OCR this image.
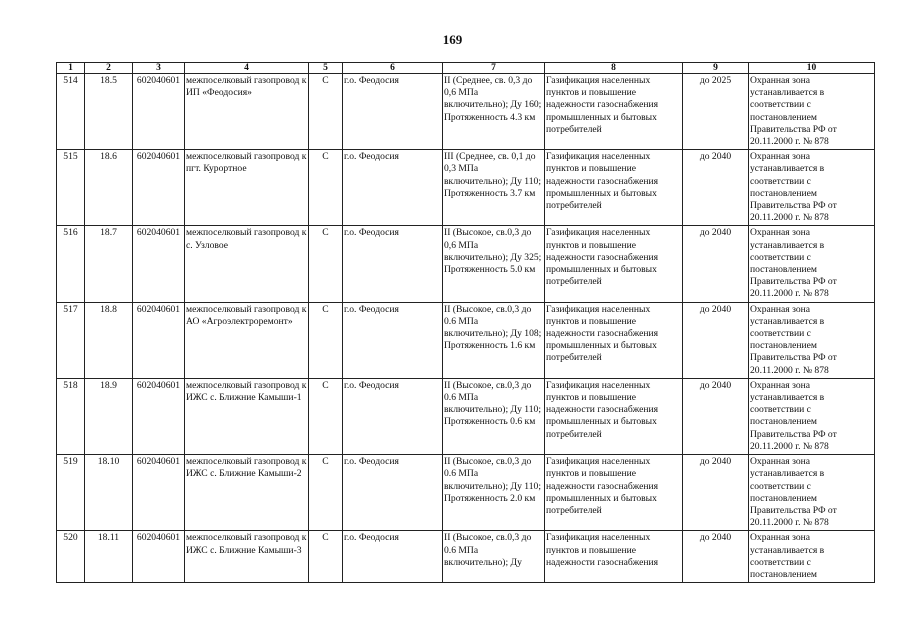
169
1	2	3	4	5	6	7	8	9	10
514	18.5	602040601	межпоселковый газопровод к ИП «Феодосия»	С	г.о. Феодосия	II (Среднее, св. 0,3 до 0,6 МПа включительно); Ду 160; Протяженность 4.3 км	Газификация населенных пунктов и повышение надежности газоснабжения промышленных и бытовых потребителей	до 2025	Охранная зона устанавливается в соответствии с постановлением Правительства РФ от 20.11.2000 г. № 878
515	18.6	602040601	межпоселковый газопровод к пгт. Курортное	С	г.о. Феодосия	III (Среднее, св. 0,1 до 0,3 МПа включительно); Ду 110; Протяженность 3.7 км	Газификация населенных пунктов и повышение надежности газоснабжения промышленных и бытовых потребителей	до 2040	Охранная зона устанавливается в соответствии с постановлением Правительства РФ от 20.11.2000 г. № 878
516	18.7	602040601	межпоселковый газопровод к с. Узловое	С	г.о. Феодосия	II (Высокое, св.0,3 до 0,6 МПа включительно); Ду 325; Протяженность 5.0 км	Газификация населенных пунктов и повышение надежности газоснабжения промышленных и бытовых потребителей	до 2040	Охранная зона устанавливается в соответствии с постановлением Правительства РФ от 20.11.2000 г. № 878
517	18.8	602040601	межпоселковый газопровод к АО «Агроэлектроремонт»	С	г.о. Феодосия	II (Высокое, св.0,3 до 0.6 МПа включительно); Ду 108; Протяженность 1.6 км	Газификация населенных пунктов и повышение надежности газоснабжения промышленных и бытовых потребителей	до 2040	Охранная зона устанавливается в соответствии с постановлением Правительства РФ от 20.11.2000 г. № 878
518	18.9	602040601	межпоселковый газопровод к ИЖС с. Ближние Камыши-1	С	г.о. Феодосия	II (Высокое, св.0,3 до 0.6 МПа включительно); Ду 110; Протяженность 0.6 км	Газификация населенных пунктов и повышение надежности газоснабжения промышленных и бытовых потребителей	до 2040	Охранная зона устанавливается в соответствии с постановлением Правительства РФ от 20.11.2000 г. № 878
519	18.10	602040601	межпоселковый газопровод к ИЖС с. Ближние Камыши-2	С	г.о. Феодосия	II (Высокое, св.0,3 до 0.6 МПа включительно); Ду 110; Протяженность 2.0 км	Газификация населенных пунктов и повышение надежности газоснабжения промышленных и бытовых потребителей	до 2040	Охранная зона устанавливается в соответствии с постановлением Правительства РФ от 20.11.2000 г. № 878
520	18.11	602040601	межпоселковый газопровод к ИЖС с. Ближние Камыши-3	С	г.о. Феодосия	II (Высокое, св.0,3 до 0.6 МПа включительно); Ду	Газификация населенных пунктов и повышение надежности газоснабжения	до 2040	Охранная зона устанавливается в соответствии с постановлением
